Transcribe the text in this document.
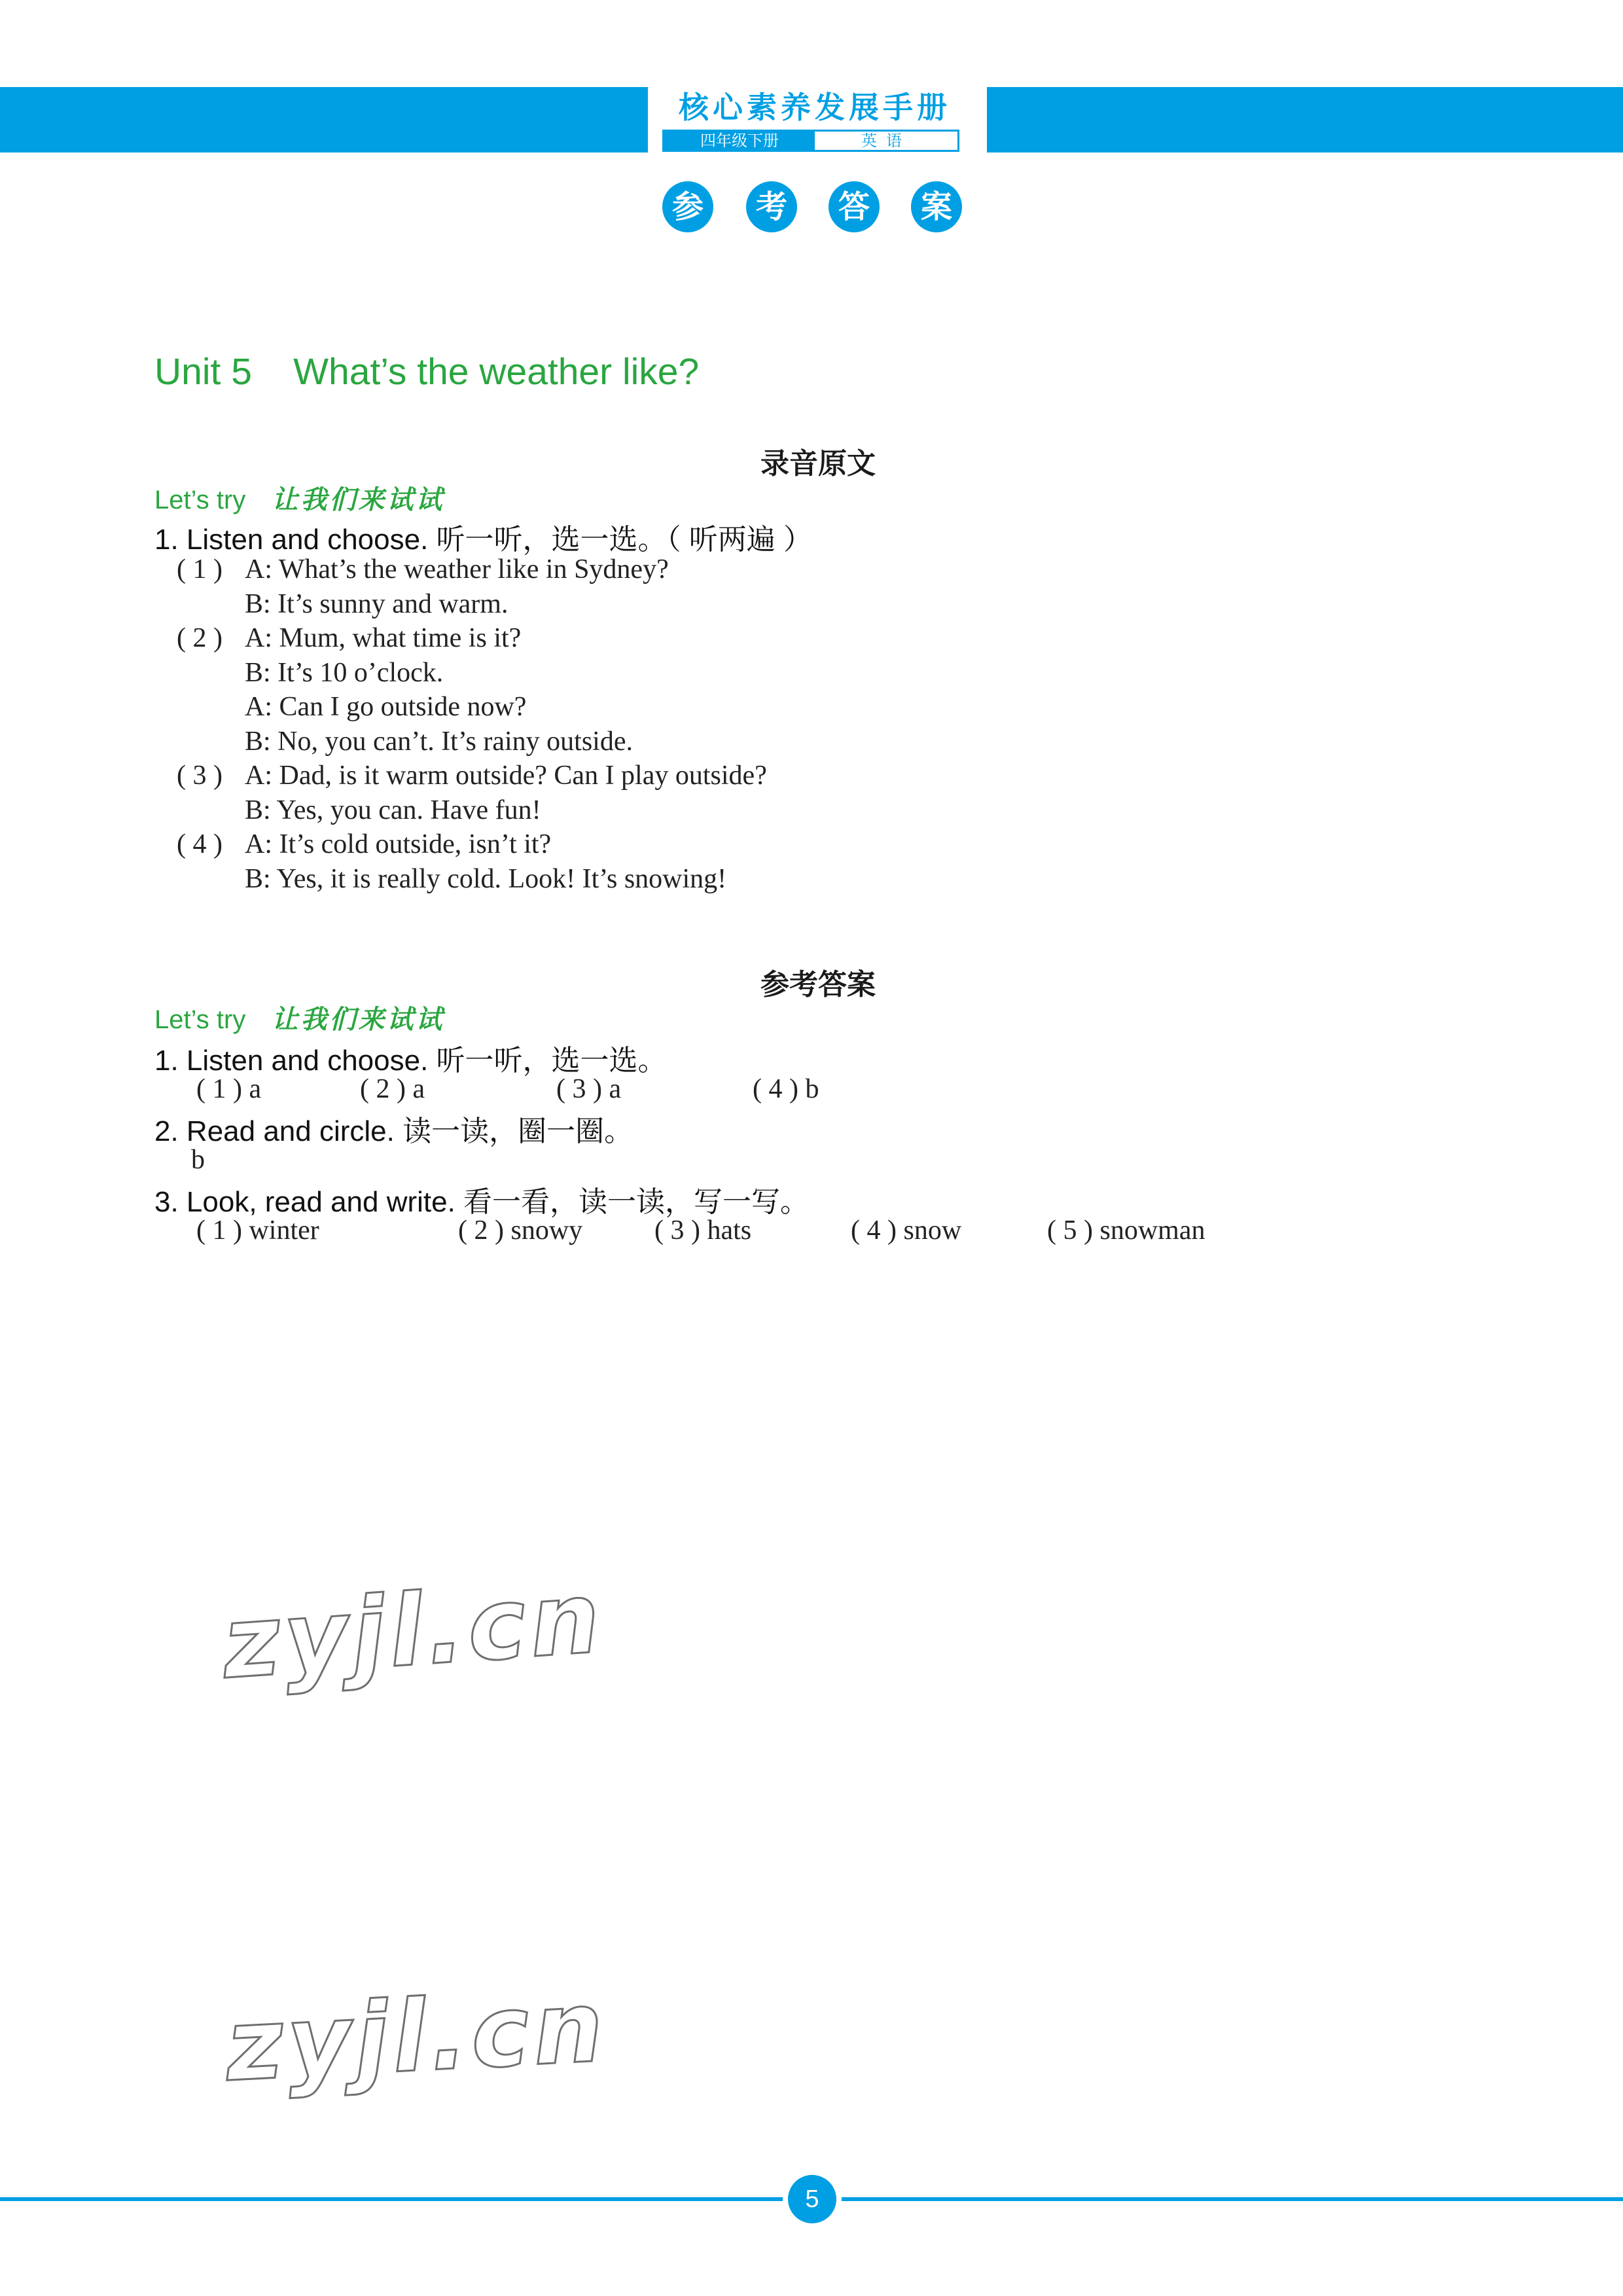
核心素养发展手册
四年级下册	英语
参	考	答	案
Unit 5    What’s the weather like?
录音原文
Let’s try 让我们来试试
1. Listen and choose. 听一听，选一选。（ 听两遍 ）
( 1 ) A: What’s the weather like in Sydney?
B: It’s sunny and warm.
( 2 ) A: Mum, what time is it?
B: It’s 10 o’clock.
A: Can I go outside now?
B: No, you can’t. It’s rainy outside.
( 3 ) A: Dad, is it warm outside? Can I play outside?
B: Yes, you can. Have fun!
( 4 ) A: It’s cold outside, isn’t it?
B: Yes, it is really cold. Look! It’s snowing!
参考答案
Let’s try 让我们来试试
1. Listen and choose. 听一听，选一选。
( 1 ) a	( 2 ) a	( 3 ) a	( 4 ) b
2. Read and circle. 读一读，圈一圈。
b
3. Look, read and write. 看一看，读一读，写一写。
( 1 ) winter	( 2 ) snowy	( 3 ) hats	( 4 ) snow	( 5 ) snowman
zyjl.cn
zyjl.cn
5
